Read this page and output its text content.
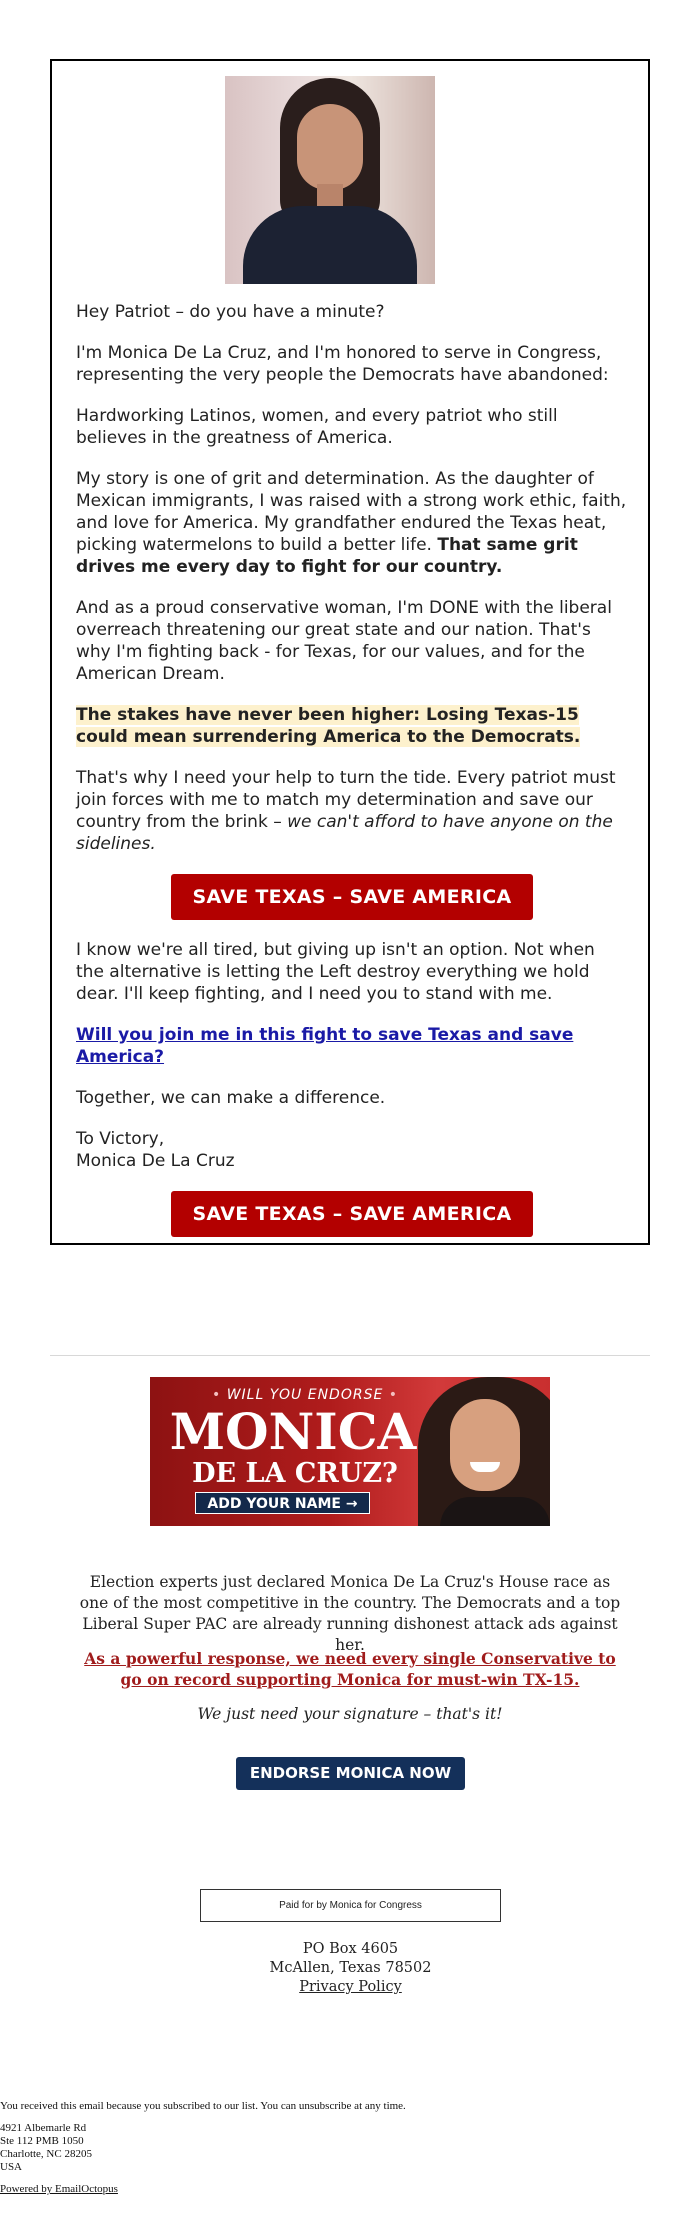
Hey Patriot – do you have a minute?

I'm Monica De La Cruz, and I'm honored to serve in Congress, representing the very people the Democrats have abandoned:

Hardworking Latinos, women, and every patriot who still believes in the greatness of America.

My story is one of grit and determination. As the daughter of Mexican immigrants, I was raised with a strong work ethic, faith, and love for America. My grandfather endured the Texas heat, picking watermelons to build a better life. That same grit drives me every day to fight for our country.

And as a proud conservative woman, I'm DONE with the liberal overreach threatening our great state and our nation. That's why I'm fighting back - for Texas, for our values, and for the American Dream.

The stakes have never been higher: Losing Texas-15 could mean surrendering America to the Democrats.

That's why I need your help to turn the tide. Every patriot must join forces with me to match my determination and save our country from the brink – we can't afford to have anyone on the sidelines.

SAVE TEXAS – SAVE AMERICA

I know we're all tired, but giving up isn't an option. Not when the alternative is letting the Left destroy everything we hold dear. I'll keep fighting, and I need you to stand with me.

Will you join me in this fight to save Texas and save America?

Together, we can make a difference.

To Victory,

Monica De La Cruz

SAVE TEXAS – SAVE AMERICA
• WILL YOU ENDORSE •
MONICA
DE LA CRUZ?
ADD YOUR NAME →
Election experts just declared Monica De La Cruz's House race as one of the most competitive in the country. The Democrats and a top Liberal Super PAC are already running dishonest attack ads against her.
As a powerful response, we need every single Conservative to go on record supporting Monica for must-win TX-15.
We just need your signature – that's it!
ENDORSE MONICA NOW
Paid for by Monica for Congress
PO Box 4605
McAllen, Texas 78502
Privacy Policy
You received this email because you subscribed to our list. You can unsubscribe at any time.
4921 Albemarle Rd
Ste 112 PMB 1050
Charlotte, NC 28205
USA
Powered by EmailOctopus
